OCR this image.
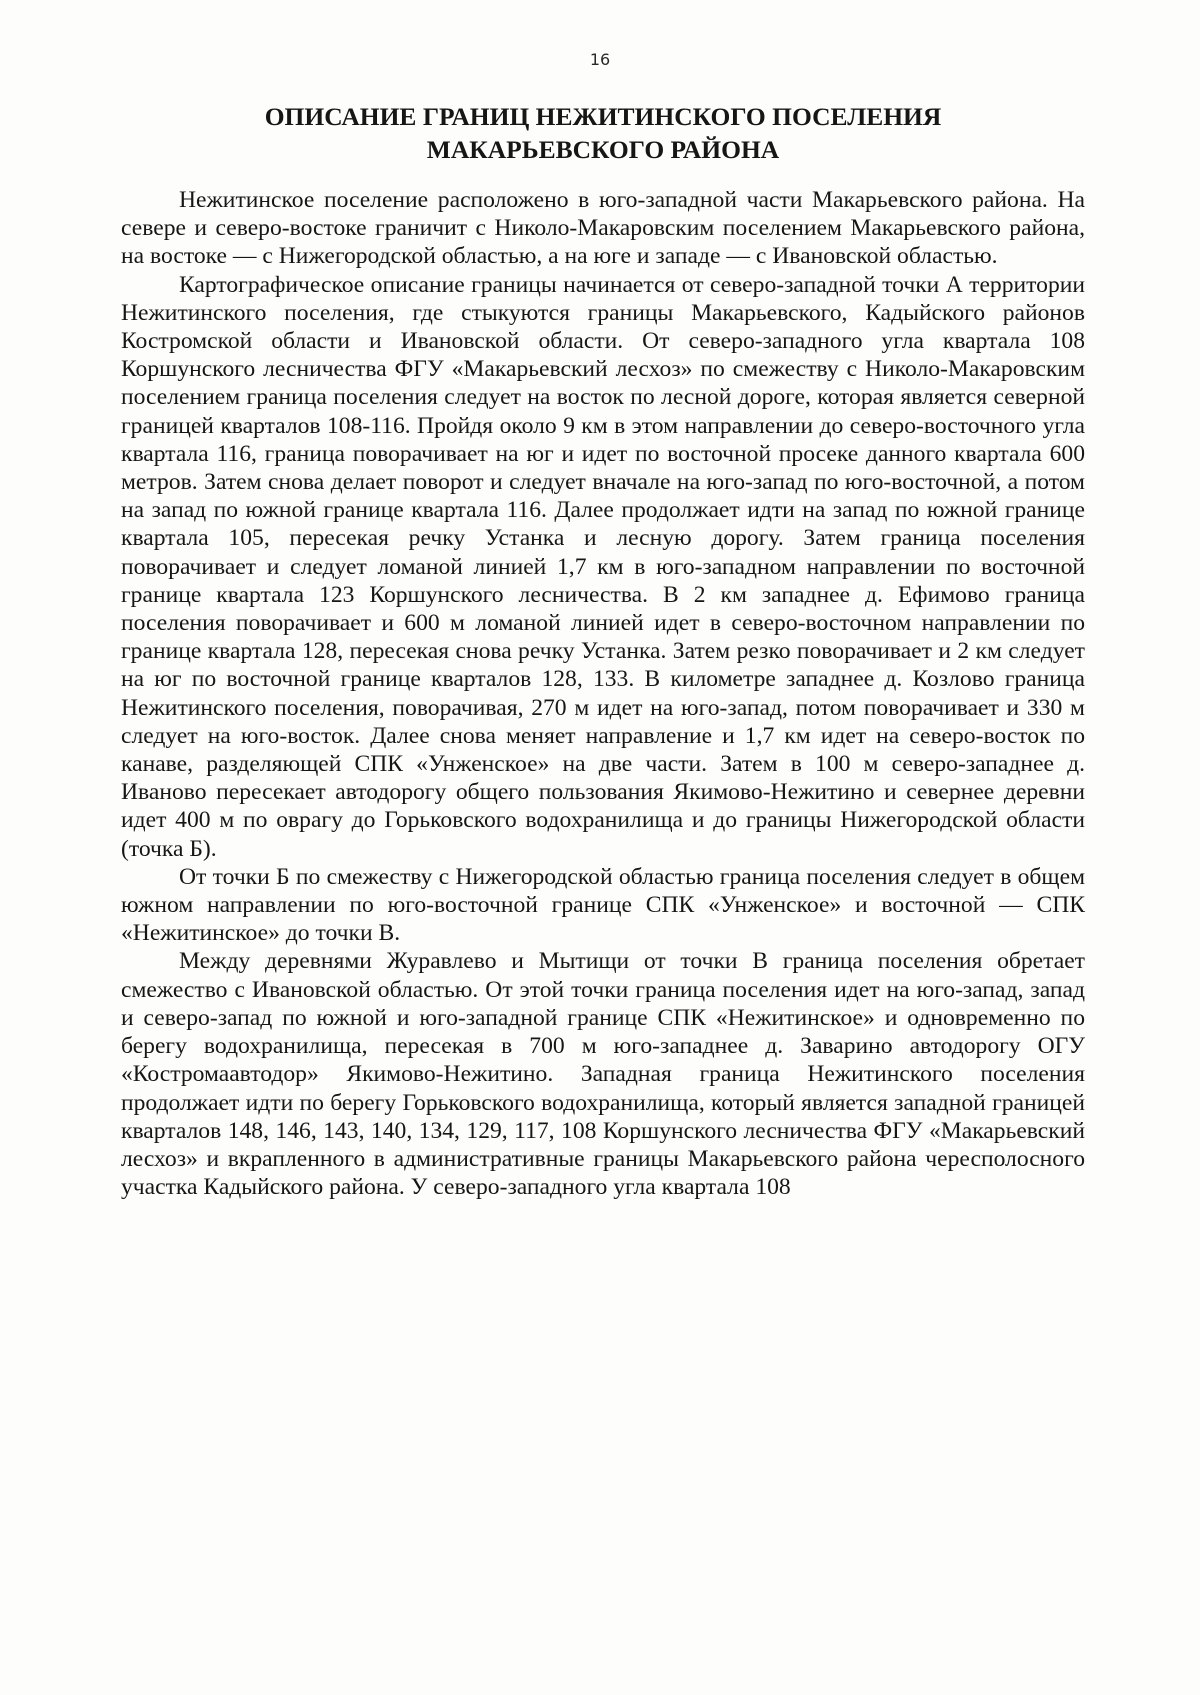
16
ОПИСАНИЕ ГРАНИЦ НЕЖИТИНСКОГО ПОСЕЛЕНИЯ
МАКАРЬЕВСКОГО РАЙОНА

Нежитинское поселение расположено в юго-западной части Макарьевского района. На севере и северо-востоке граничит с Николо-Макаровским поселением Макарьевского района, на востоке — с Нижегородской областью, а на юге и западе — с Ивановской областью.

Картографическое описание границы начинается от северо-западной точки А территории Нежитинского поселения, где стыкуются границы Макарьевского, Кадыйского районов Костромской области и Ивановской области. От северо-западного угла квартала 108 Коршунского лесничества ФГУ «Макарьевский лесхоз» по смежеству с Николо-Макаровским поселением граница поселения следует на восток по лесной дороге, которая является северной границей кварталов 108-116. Пройдя около 9 км в этом направлении до северо-восточного угла квартала 116, граница поворачивает на юг и идет по восточной просеке данного квартала 600 метров. Затем снова делает поворот и следует вначале на юго-запад по юго-восточной, а потом на запад по южной границе квартала 116. Далее продолжает идти на запад по южной границе квартала 105, пересекая речку Устанка и лесную дорогу. Затем граница поселения поворачивает и следует ломаной линией 1,7 км в юго-западном направлении по восточной границе квартала 123 Коршунского лесничества. В 2 км западнее д. Ефимово граница поселения поворачивает и 600 м ломаной линией идет в северо-восточном направлении по границе квартала 128, пересекая снова речку Устанка. Затем резко поворачивает и 2 км следует на юг по восточной границе кварталов 128, 133. В километре западнее д. Козлово граница Нежитинского поселения, поворачивая, 270 м идет на юго-запад, потом поворачивает и 330 м следует на юго-восток. Далее снова меняет направление и 1,7 км идет на северо-восток по канаве, разделяющей СПК «Унженское» на две части. Затем в 100 м северо-западнее д. Иваново пересекает автодорогу общего пользования Якимово-Нежитино и севернее деревни идет 400 м по оврагу до Горьковского водохранилища и до границы Нижегородской области (точка Б).

От точки Б по смежеству с Нижегородской областью граница поселения следует в общем южном направлении по юго-восточной границе СПК «Унженское» и восточной — СПК «Нежитинское» до точки В.

Между деревнями Журавлево и Мытищи от точки В граница поселения обретает смежество с Ивановской областью. От этой точки граница поселения идет на юго-запад, запад и северо-запад по южной и юго-западной границе СПК «Нежитинское» и одновременно по берегу водохранилища, пересекая в 700 м юго-западнее д. Заварино автодорогу ОГУ «Костромаавтодор» Якимово-Нежитино. Западная граница Нежитинского поселения продолжает идти по берегу Горьковского водохранилища, который является западной границей кварталов 148, 146, 143, 140, 134, 129, 117, 108 Коршунского лесничества ФГУ «Макарьевский лесхоз» и вкрапленного в административные границы Макарьевского района чересполосного участка Кадыйского района. У северо-западного угла квартала 108
